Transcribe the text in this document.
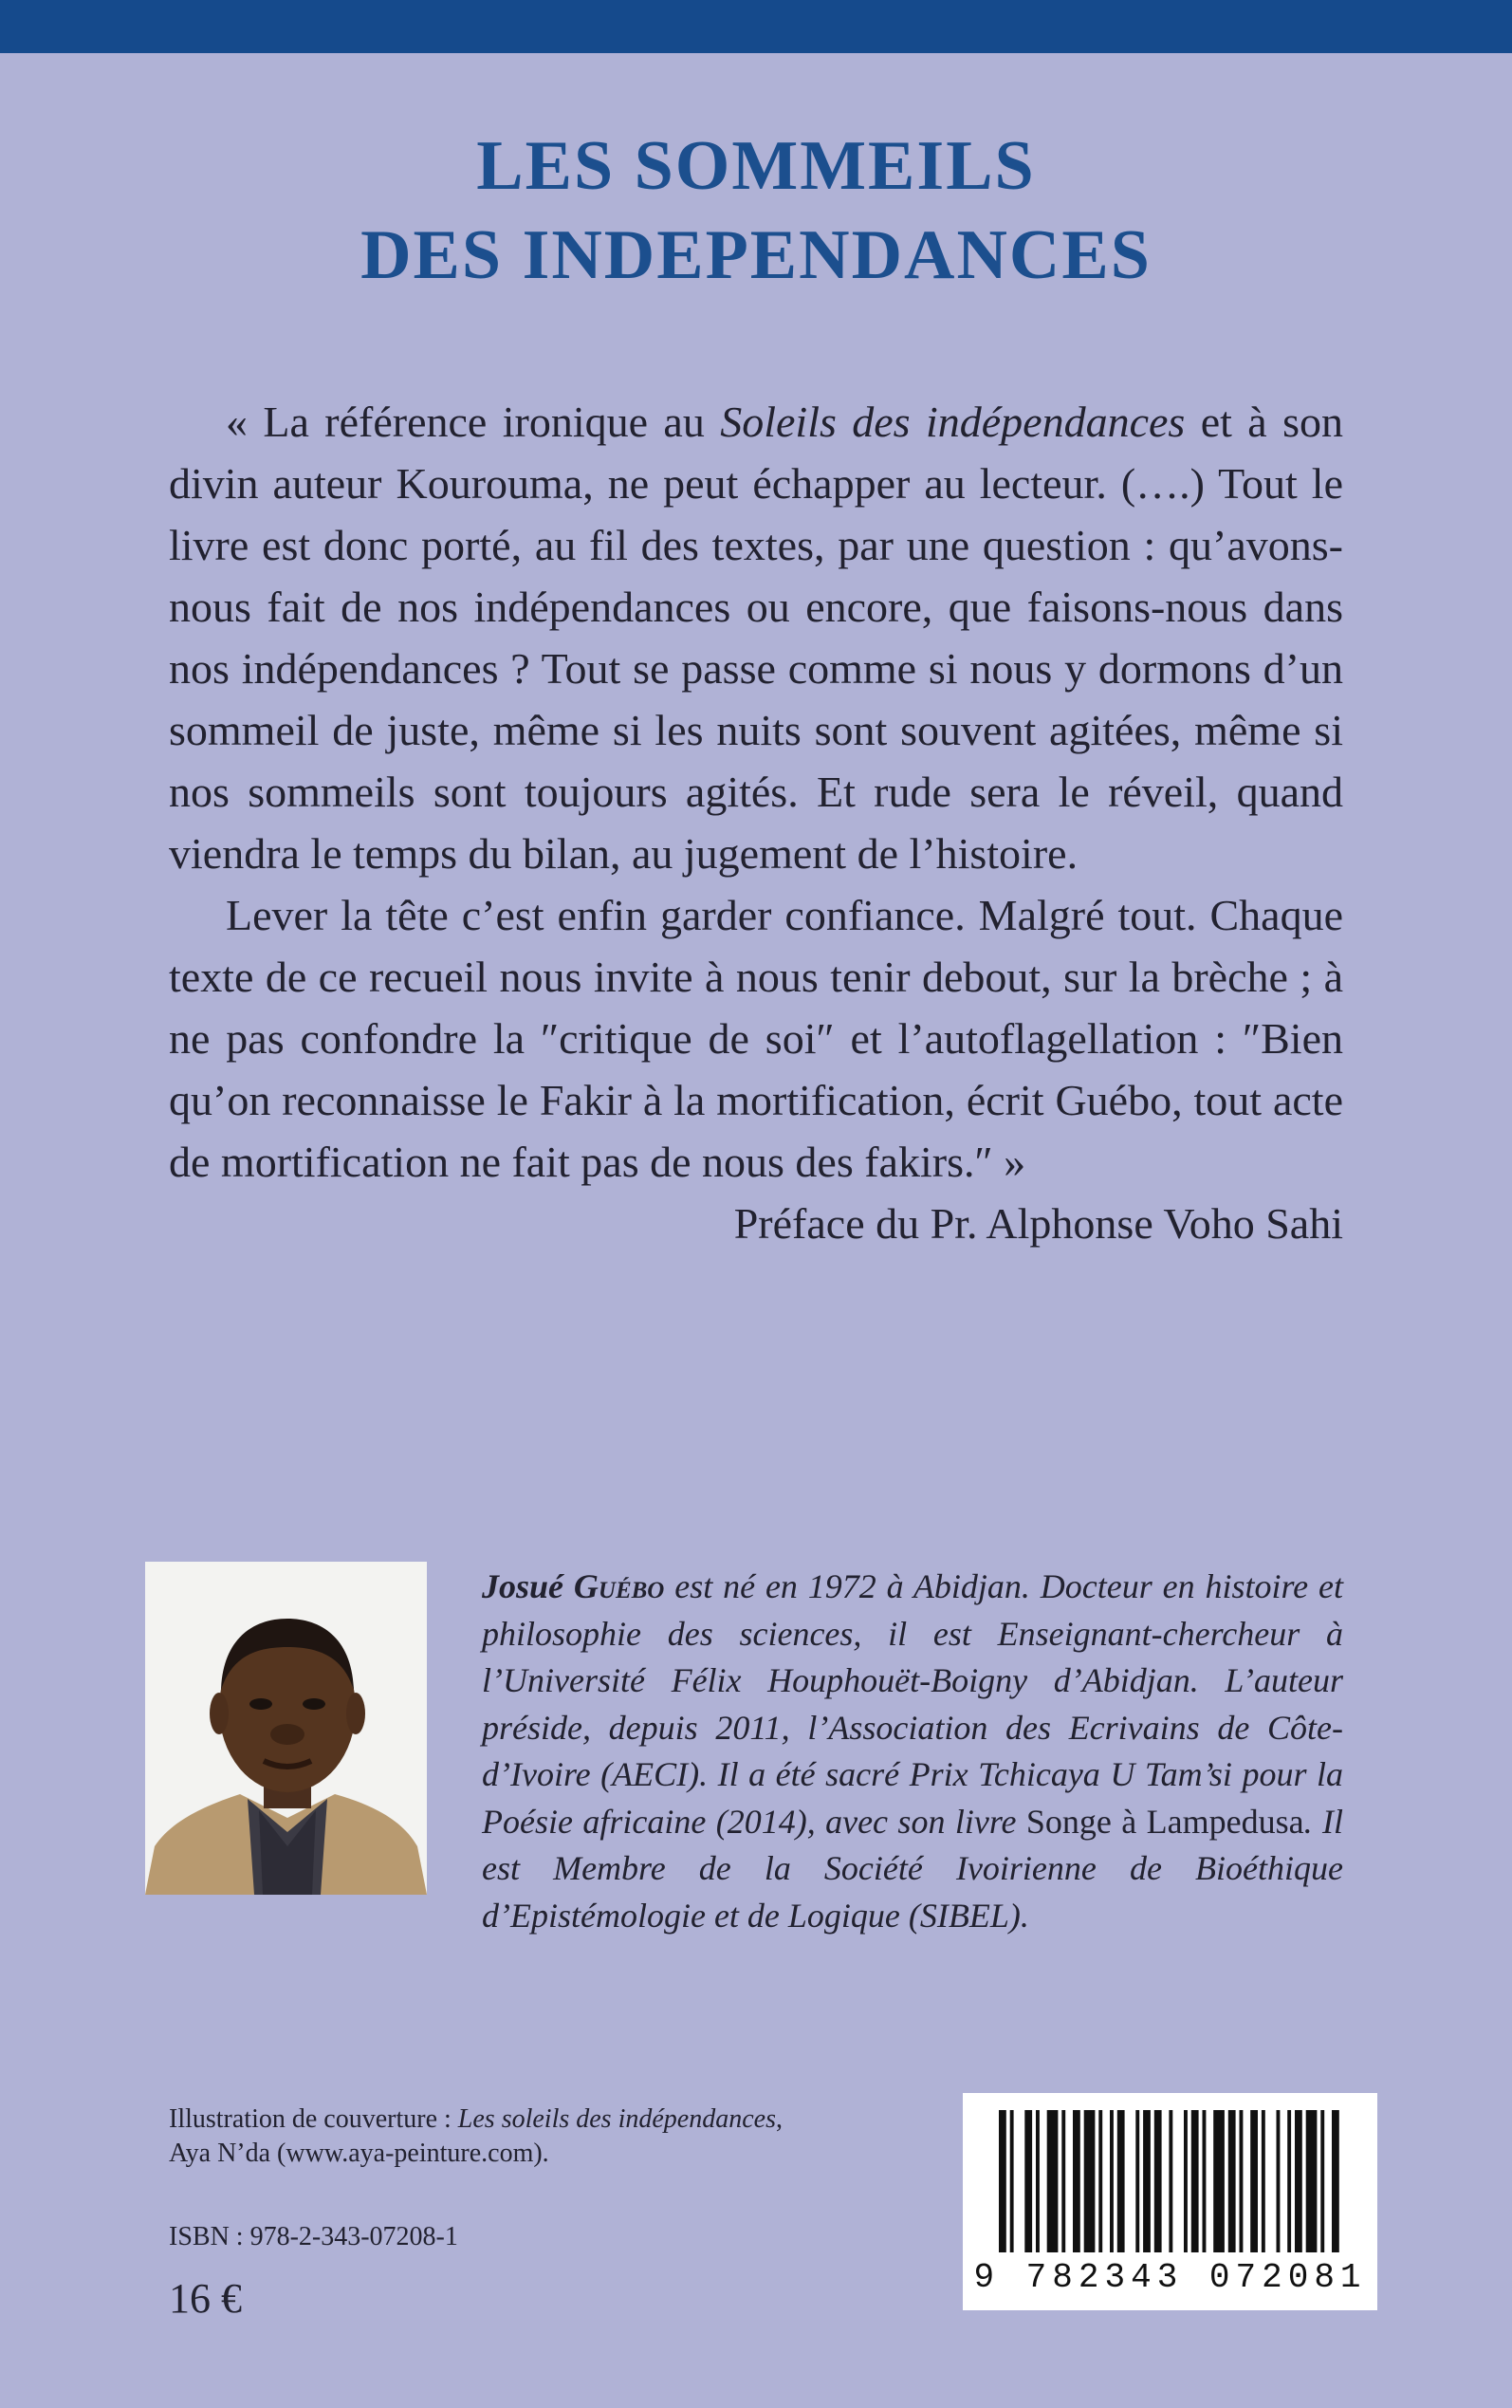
LES SOMMEILS
DES INDEPENDANCES

« La référence ironique au Soleils des indépendances et à son divin auteur Kourouma, ne peut échapper au lecteur. (….) Tout le livre est donc porté, au fil des textes, par une question : qu’avons-nous fait de nos indépendances ou encore, que faisons-nous dans nos indépendances ? Tout se passe comme si nous y dormons d’un sommeil de juste, même si les nuits sont souvent agitées, même si nos sommeils sont toujours agités. Et rude sera le réveil, quand viendra le temps du bilan, au jugement de l’histoire.

Lever la tête c’est enfin garder confiance. Malgré tout. Chaque texte de ce recueil nous invite à nous tenir debout, sur la brèche ; à ne pas confondre la ″critique de soi″ et l’autoflagellation : ″Bien qu’on reconnaisse le Fakir à la mortification, écrit Guébo, tout acte de mortification ne fait pas de nous des fakirs.″ »

Préface du Pr. Alphonse Voho Sahi

Josué Guébo est né en 1972 à Abidjan. Docteur en histoire et philosophie des sciences, il est Enseignant-chercheur à l’Université Félix Houphouët-Boigny d’Abidjan. L’auteur préside, depuis 2011, l’Association des Ecrivains de Côte-d’Ivoire (AECI). Il a été sacré Prix Tchicaya U Tam’si pour la Poésie africaine (2014), avec son livre Songe à Lampedusa. Il est Membre de la Société Ivoirienne de Bioéthique d’Epistémologie et de Logique (SIBEL).
Illustration de couverture : Les soleils des indépendances,
Aya N’da (www.aya-peinture.com).
ISBN : 978-2-343-07208-1
16 €	9 782343 072081
